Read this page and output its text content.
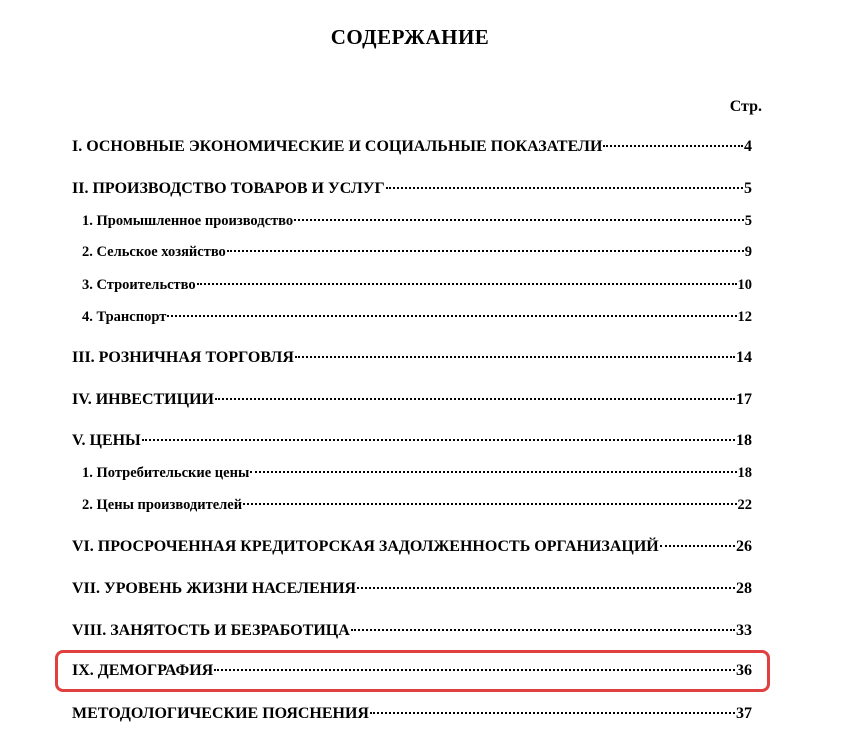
СОДЕРЖАНИЕ
Стр.
I. ОСНОВНЫЕ ЭКОНОМИЧЕСКИЕ И СОЦИАЛЬНЫЕ ПОКАЗАТЕЛИ	4
II. ПРОИЗВОДСТВО ТОВАРОВ И УСЛУГ	5
1. Промышленное производство	5
2. Сельское хозяйство	9
3. Строительство	10
4. Транспорт	12
III. РОЗНИЧНАЯ ТОРГОВЛЯ	14
IV. ИНВЕСТИЦИИ	17
V. ЦЕНЫ	18
1. Потребительские цены	18
2. Цены производителей	22
VI. ПРОСРОЧЕННАЯ КРЕДИТОРСКАЯ ЗАДОЛЖЕННОСТЬ ОРГАНИЗАЦИЙ	26
VII. УРОВЕНЬ ЖИЗНИ НАСЕЛЕНИЯ	28
VIII. ЗАНЯТОСТЬ И БЕЗРАБОТИЦА	33
IX. ДЕМОГРАФИЯ	36
МЕТОДОЛОГИЧЕСКИЕ ПОЯСНЕНИЯ	37
